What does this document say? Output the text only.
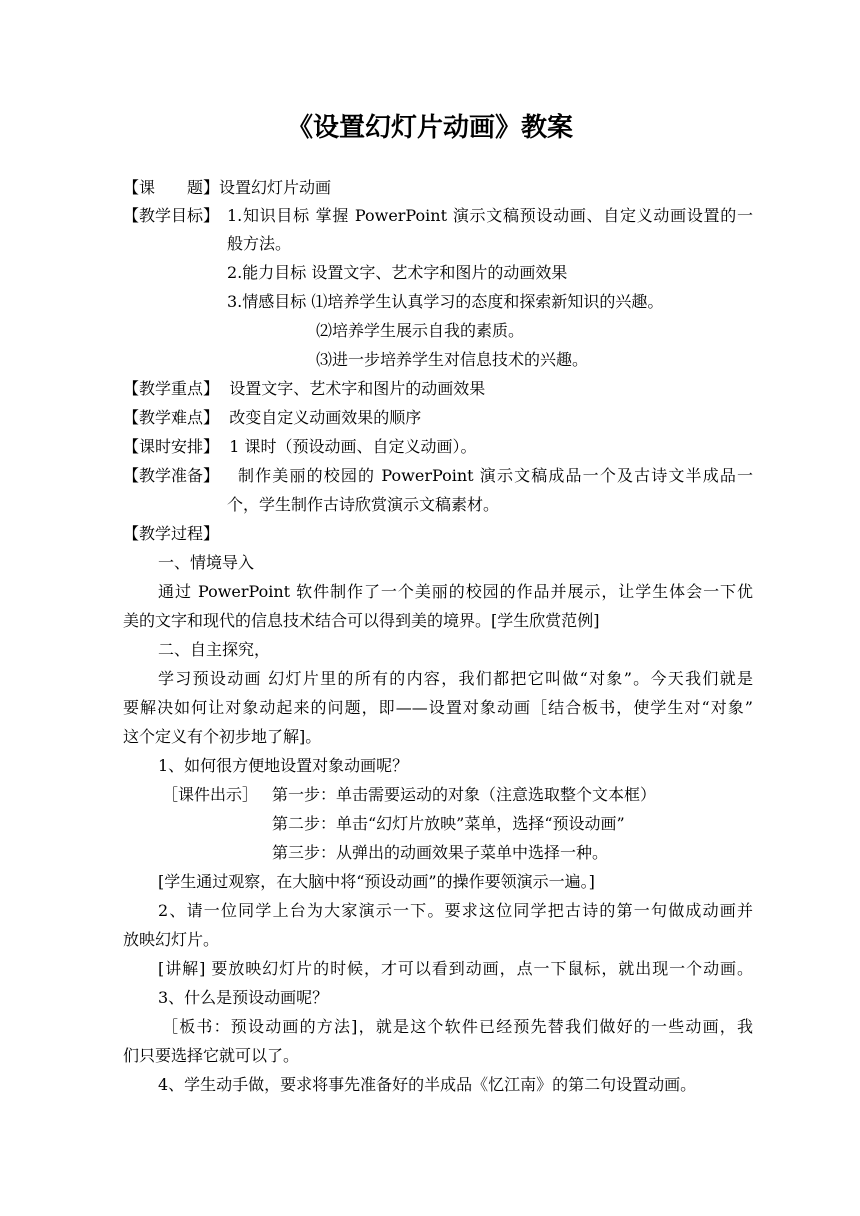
《设置幻灯片动画》教案
【课　　题】设置幻灯片动画
【教学目标】 1.知识目标 掌握 PowerPoint 演示文稿预设动画、自定义动画设置的一
般方法。
2.能力目标 设置文字、艺术字和图片的动画效果
3.情感目标 ⑴培养学生认真学习的态度和探索新知识的兴趣。
⑵培养学生展示自我的素质。
⑶进一步培养学生对信息技术的兴趣。
【教学重点】 设置文字、艺术字和图片的动画效果
【教学难点】 改变自定义动画效果的顺序
【课时安排】 1 课时（预设动画、自定义动画）。
【教学准备】 制作美丽的校园的 PowerPoint 演示文稿成品一个及古诗文半成品一
个，学生制作古诗欣赏演示文稿素材。
【教学过程】
一、情境导入
通过 PowerPoint 软件制作了一个美丽的校园的作品并展示，让学生体会一下优
美的文字和现代的信息技术结合可以得到美的境界。[学生欣赏范例]
二、自主探究，
学习预设动画 幻灯片里的所有的内容，我们都把它叫做“对象”。今天我们就是
要解决如何让对象动起来的问题，即——设置对象动画［结合板书，使学生对“对象”
这个定义有个初步地了解]。
1、如何很方便地设置对象动画呢？
［课件出示］ 第一步：单击需要运动的对象（注意选取整个文本框）
第二步：单击“幻灯片放映”菜单，选择“预设动画”
第三步：从弹出的动画效果子菜单中选择一种。
[学生通过观察，在大脑中将“预设动画”的操作要领演示一遍。]
2、请一位同学上台为大家演示一下。要求这位同学把古诗的第一句做成动画并
放映幻灯片。
[讲解] 要放映幻灯片的时候，才可以看到动画，点一下鼠标，就出现一个动画。
3、什么是预设动画呢？
［板书：预设动画的方法]，就是这个软件已经预先替我们做好的一些动画，我
们只要选择它就可以了。
4、学生动手做，要求将事先准备好的半成品《忆江南》的第二句设置动画。
